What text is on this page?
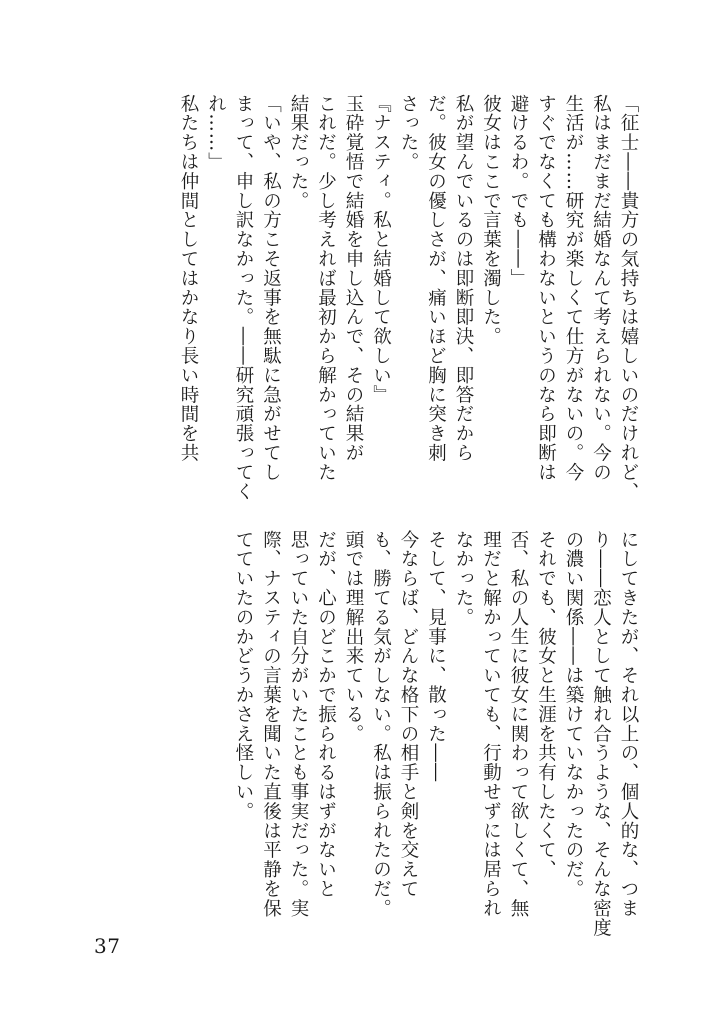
「征士――貴方の気持ちは嬉しいのだけれど、
私はまだまだ結婚なんて考えられない。今の
生活が……研究が楽しくて仕方がないの。今
すぐでなくても構わないというのなら即断は
避けるわ。でも――」
彼女はここで言葉を濁した。
私が望んでいるのは即断即決、即答だから
だ。彼女の優しさが、痛いほど胸に突き刺
さった。
『ナスティ。私と結婚して欲しい』
玉砕覚悟で結婚を申し込んで、その結果が
これだ。少し考えれば最初から解かっていた
結果だった。
「いや、私の方こそ返事を無駄に急がせてし
まって、申し訳なかった。――研究頑張ってく
れ……」
私たちは仲間としてはかなり長い時間を共
にしてきたが、それ以上の、個人的な、つま
り――恋人として触れ合うような、そんな密度
の濃い関係――は築けていなかったのだ。
それでも、彼女と生涯を共有したくて、
否、私の人生に彼女に関わって欲しくて、無
理だと解かっていても、行動せずには居られ
なかった。
そして、見事に、散った――
今ならば、どんな格下の相手と剣を交えて
も、勝てる気がしない。私は振られたのだ。
頭では理解出来ている。
だが、心のどこかで振られるはずがないと
思っていた自分がいたことも事実だった。実
際、ナスティの言葉を聞いた直後は平静を保
てていたのかどうかさえ怪しい。
37
